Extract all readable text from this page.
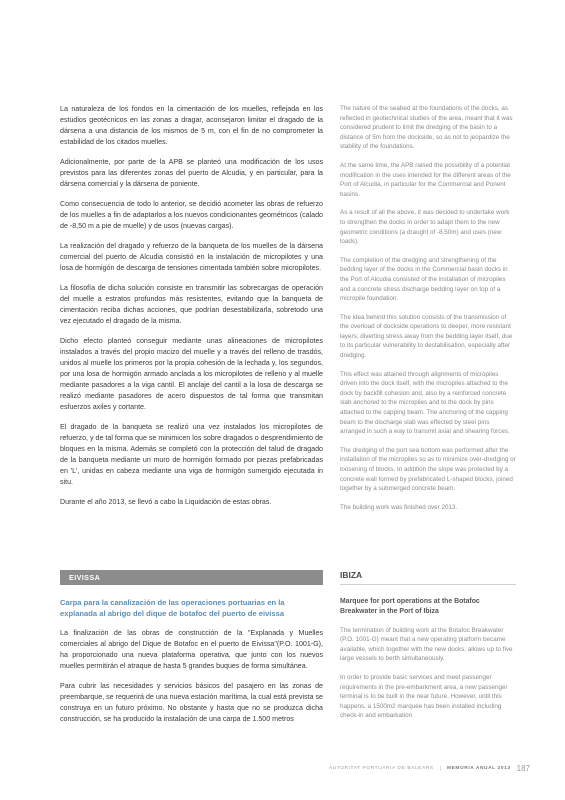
La naturaleza de los fondos en la cimentación de los muelles, reflejada en los estudios geotécnicos en las zonas a dragar, aconsejaron limitar el dragado de la dársena a una distancia de los mismos de 5 m, con el fin de no comprometer la estabilidad de los citados muelles.

Adicionalmente, por parte de la APB se planteó una modificación de los usos previstos para las diferentes zonas del puerto de Alcudia, y en particular, para la dársena comercial y la dársena de poniente.

Como consecuencia de todo lo anterior, se decidió acometer las obras de refuerzo de los muelles a fin de adaptarlos a los nuevos condicionantes geométricos (calado de -8,50 m a pie de muelle) y de usos (nuevas cargas).

La realización del dragado y refuerzo de la banqueta de los muelles de la dársena comercial del puerto de Alcudia consistió en la instalación de micropilotes y una losa de hormigón de descarga de tensiones cimentada también sobre micropilotes.

La filosofía de dicha solución consiste en transmitir las sobrecargas de operación del muelle a estratos profundos más resistentes, evitando que la banqueta de cimentación reciba dichas acciones, que podrían desestabilizarla, sobretodo una vez ejecutado el dragado de la misma.

Dicho efecto planteó conseguir mediante unas alineaciones de micropilotes instalados a través del propio macizo del muelle y a través del relleno de trasdós, unidos al muelle los primeros por la propia cohesión de la lechada y, los segundos, por una losa de hormigón armado anclada a los micropilotes de relleno y al muelle mediante pasadores a la viga cantil. El anclaje del cantil a la losa de descarga se realizó mediante pasadores de acero dispuestos de tal forma que transmitan esfuerzos axiles y cortante.

El dragado de la banqueta se realizó una vez instalados los micropilotes de refuerzo, y de tal forma que se minimicen los sobre dragados o desprendimiento de bloques en la misma. Además se completó con la protección del talud de dragado de la banqueta mediante un muro de hormigón formado por piezas prefabricadas en 'L', unidas en cabeza mediante una viga de hormigón sumergido ejecutada in situ.

Durante el año 2013, se llevó a cabo la Liquidación de estas obras.

The nature of the seabed at the foundations of the docks, as reflected in geotechnical studies of the area, meant that it was considered prudent to limit the dredging of the basin to a distance of 5m from the dockside, so as not to jeopardize the stability of the foundations.

At the same time, the APB raised the possibility of a potential modification in the uses intended for the different areas of the Port of Alcudia, in particular for the Commercial and Ponent basins.

As a result of all the above, it was decided to undertake work to strengthen the docks in order to adapt them to the new geometric conditions (a draught of -8.50m) and uses (new loads).

The completion of the dredging and strengthening of the bedding layer of the docks in the Commercial basin docks in the Port of Alcudia consisted of the installation of micropiles and a concrete stress discharge bedding layer on top of a micropile foundation.

The idea behind this solution consists of the transmission of the overload of dockside operations to deeper, more resistant layers, diverting stress away from the bedding layer itself, due to its particular vulnerability to destabilisation, especially after dredging.

This effect was attained through alignments of micropiles driven into the dock itself, with the micropiles attached to the dock by backfill cohesion and, also by a reinforced concrete slab anchored to the micropiles and to the dock by pins attached to the capping beam. The anchoring of the capping beam to the discharge slab was effected by steel pins arranged in such a way to transmit axial and shearing forces.

The dredging of the port sea bottom was performed after the installation of the micropiles so as to minimize over-dredging or loosening of blocks. In addition the slope was protected by a concrete wall formed by prefabricated L-shaped blocks, joined together by a submerged concrete beam.

The building work was finished over 2013.

EIVISSA

Carpa para la canalización de las operaciones portuarias en la explanada al abrigo del dique de botafoc del puerto de eivissa

La finalización de las obras de construcción de la "Explanada y Muelles comerciales al abrigo del Dique de Botafoc en el puerto de Eivissa"(P.O. 1001-G), ha proporcionado una nueva plataforma operativa, que junto con los nuevos muelles permitirán el atraque de hasta 5 grandes buques de forma simultánea.

Para cubrir las necesidades y servicios básicos del pasajero en las zonas de preembarque, se requerirá de una nueva estación marítima, la cual está prevista se construya en un futuro próximo. No obstante y hasta que no se produzca dicha construcción, se ha producido la instalación de una carpa de 1.500 metros

IBIZA

Marquee for port operations at the Botafoc Breakwater in the Port of Ibiza

The termination of building work at the Botafoc Breakwater (P.O. 1001-G) meant that a new operating platform became available, which together with the new docks, allows up to five large vessels to berth simultaneously.

In order to provide basic services and meet passenger requirements in the pre-embarkment area, a new passenger terminal is to be built in the near future. However, until this happens, a 1500m2 marquee has been installed including check-in and embarkation

AUTORITAT PORTUÀRIA DE BALEARS | MEMORIA ANUAL 2013 187
